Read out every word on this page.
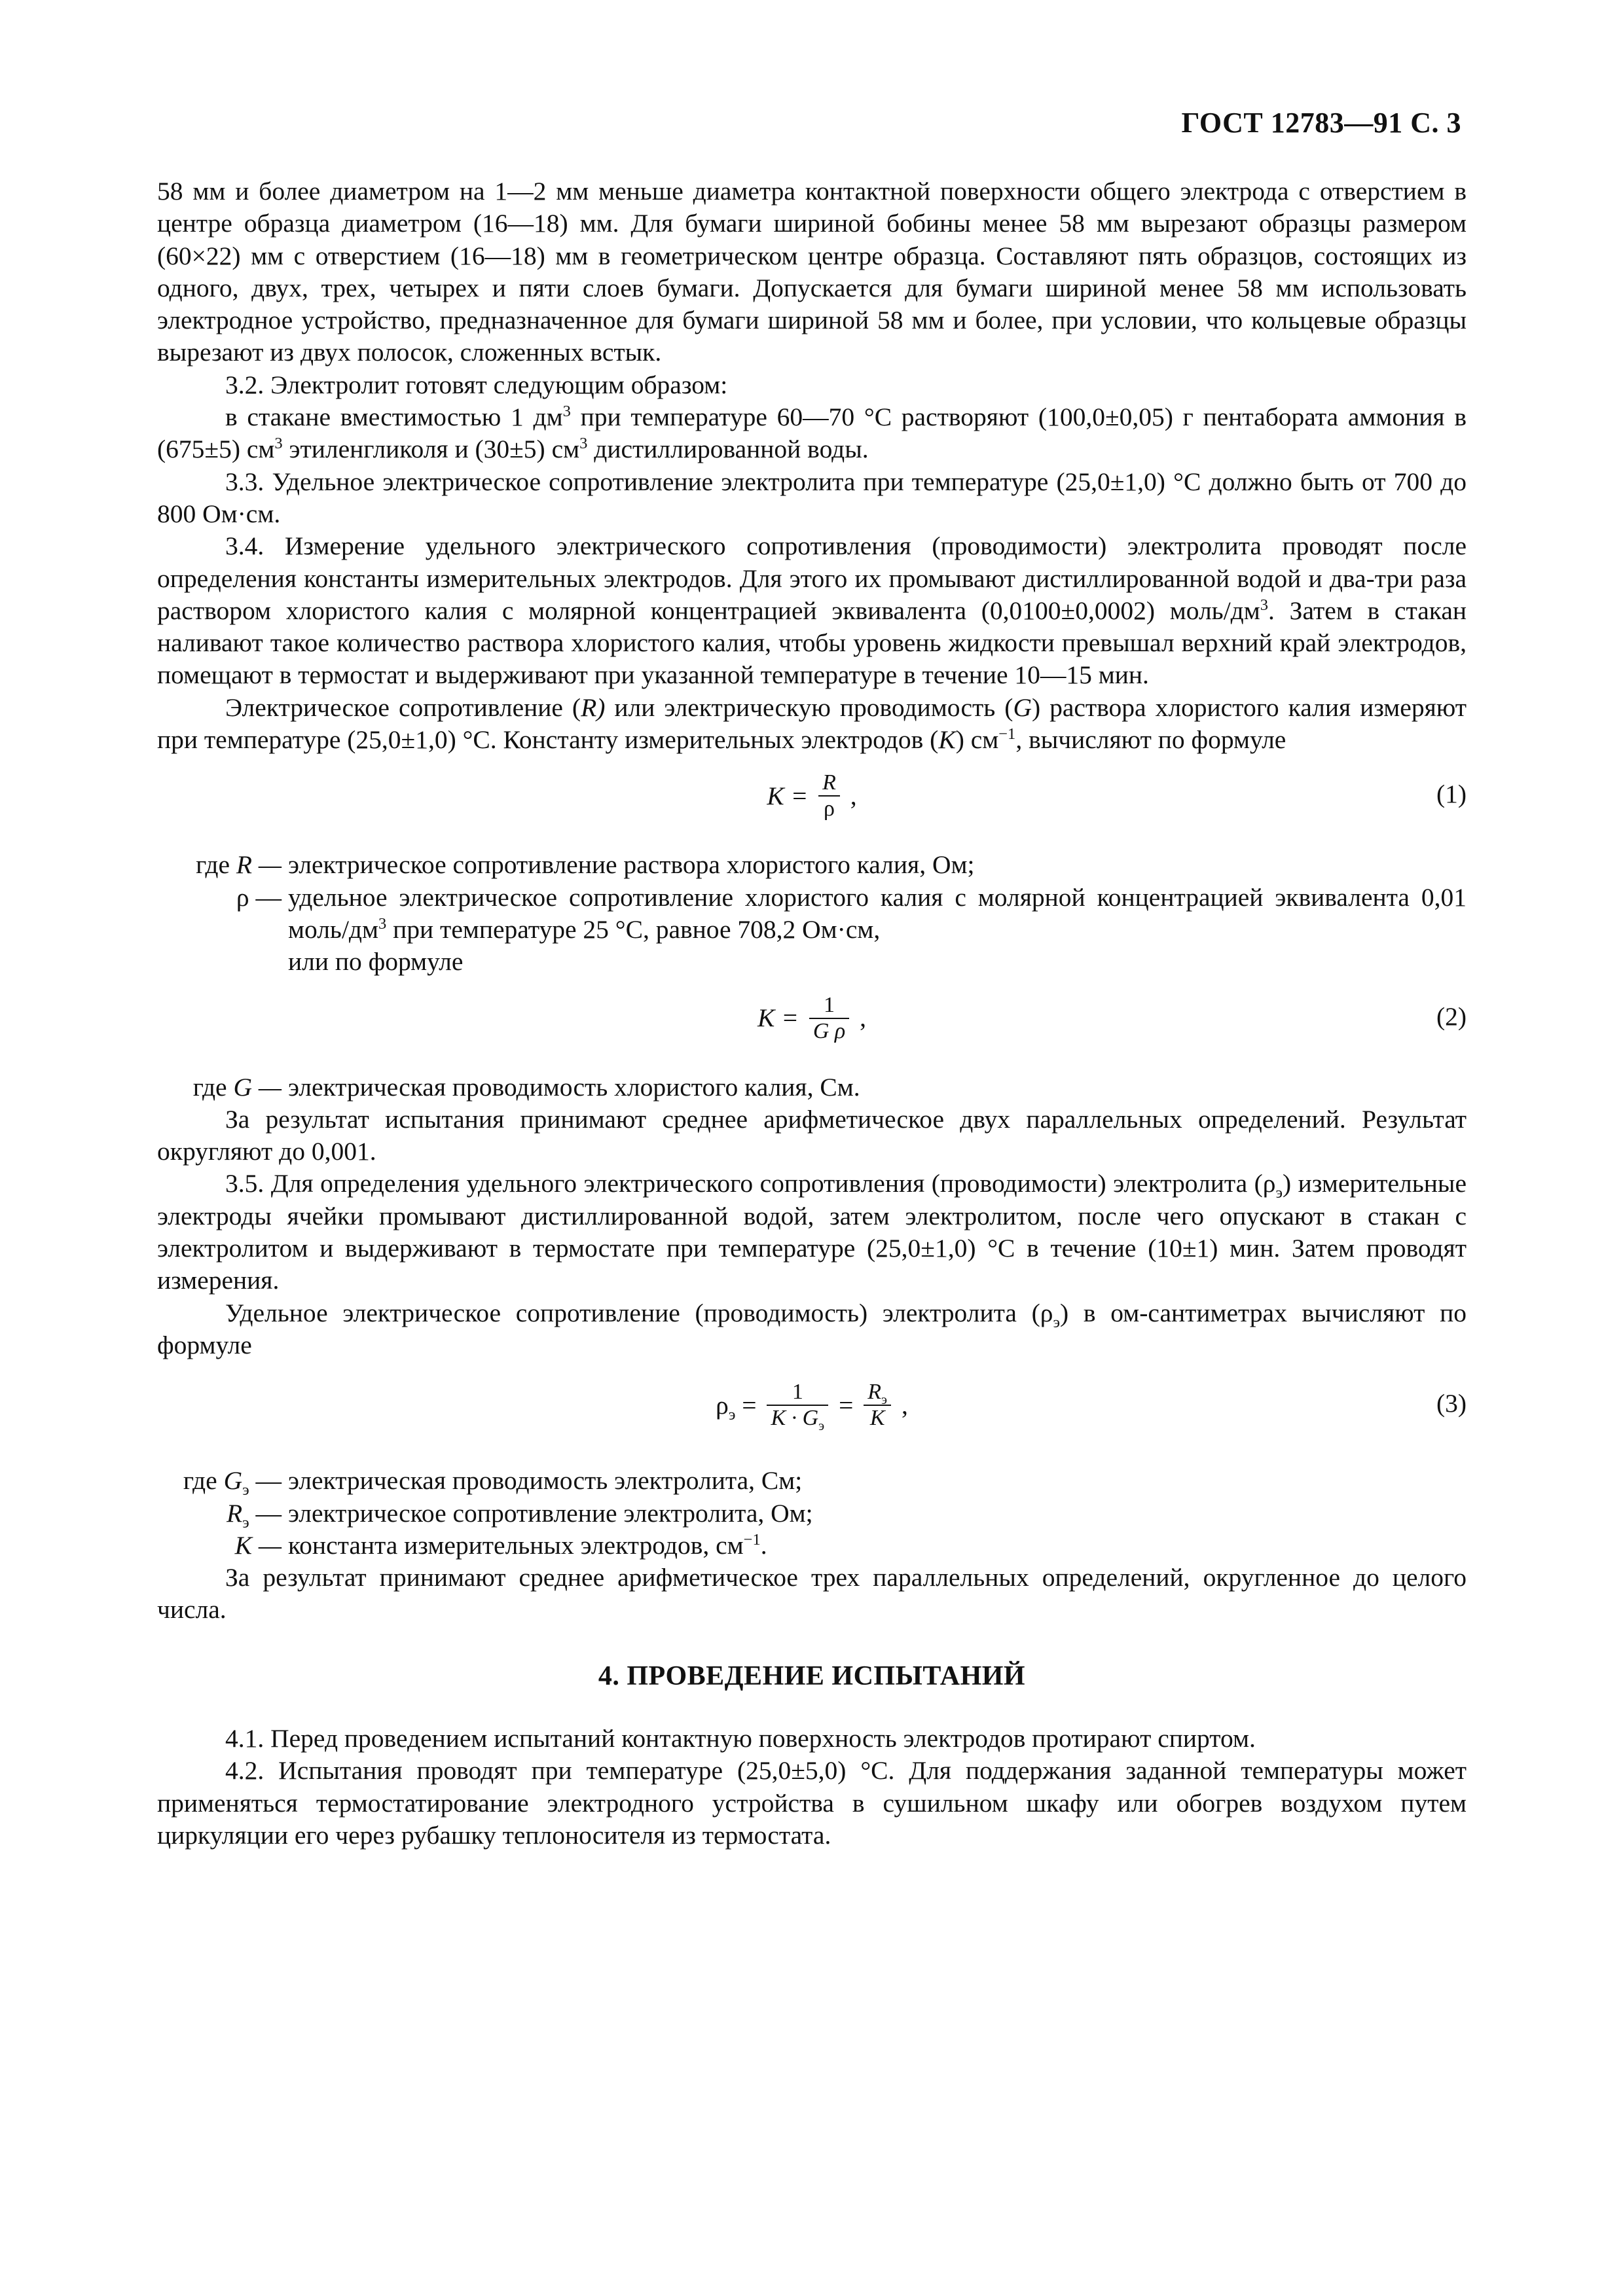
ГОСТ 12783—91 С. 3

58 мм и более диаметром на 1—2 мм меньше диаметра контактной поверхности общего электрода с отверстием в центре образца диаметром (16—18) мм. Для бумаги шириной бобины менее 58 мм вырезают образцы размером (60×22) мм с отверстием (16—18) мм в геометрическом центре образца. Составляют пять образцов, состоящих из одного, двух, трех, четырех и пяти слоев бумаги. Допускается для бумаги шириной менее 58 мм использовать электродное устройство, предназначенное для бумаги шириной 58 мм и более, при условии, что кольцевые образцы вырезают из двух полосок, сложенных встык.

3.2. Электролит готовят следующим образом:

в стакане вместимостью 1 $дм^3$ при температуре 60—70 °С растворяют (100,0±0,05) г пентабората аммония в (675±5) $см^3$ этиленгликоля и (30±5) $см^3$ дистиллированной воды.

3.3. Удельное электрическое сопротивление электролита при температуре (25,0±1,0) °С должно быть от 700 до 800 Ом·см.

3.4. Измерение удельного электрического сопротивления (проводимости) электролита проводят после определения константы измерительных электродов. Для этого их промывают дистиллированной водой и два-три раза раствором хлористого калия с молярной концентрацией эквивалента (0,0100±0,0002) моль/$дм^3$. Затем в стакан наливают такое количество раствора хлористого калия, чтобы уровень жидкости превышал верхний край электродов, помещают в термостат и выдерживают при указанной температуре в течение 10—15 мин.

Электрическое сопротивление (R) или электрическую проводимость (G) раствора хлористого калия измеряют при температуре (25,0±1,0) °С. Константу измерительных электродов (K) $см^{-1}$, вычисляют по формуле

$K = \frac{R}{\rho}$ ,	(1)
где R — электрическое сопротивление раствора хлористого калия, Ом;
ρ — удельное электрическое сопротивление хлористого калия с молярной концентрацией эквивалента 0,01 моль/$дм^3$ при температуре 25 °С, равное 708,2 Ом·см,
или по формуле
$K = \frac{1}{\text{G ρ}}$ ,	(2)
где G — электрическая проводимость хлористого калия, См.

За результат испытания принимают среднее арифметическое двух параллельных определений. Результат округляют до 0,001.

3.5. Для определения удельного электрического сопротивления (проводимости) электролита $(\rho_э)$ измерительные электроды ячейки промывают дистиллированной водой, затем электролитом, после чего опускают в стакан с электролитом и выдерживают в термостате при температуре (25,0±1,0) °С в течение (10±1) мин. Затем проводят измерения.

Удельное электрическое сопротивление (проводимость) электролита $(\rho_э)$ в ом-сантиметрах вычисляют по формуле

$\rho_э = \frac{1}{K \cdot G_э} = \frac{R_э}{K}$ ,	(3)
где $G_э$ — электрическая проводимость электролита, См;
$R_э$ — электрическое сопротивление электролита, Ом;
K — константа измерительных электродов, $см^{-1}$.

За результат принимают среднее арифметическое трех параллельных определений, округленное до целого числа.

4. ПРОВЕДЕНИЕ ИСПЫТАНИЙ

4.1. Перед проведением испытаний контактную поверхность электродов протирают спиртом.

4.2. Испытания проводят при температуре (25,0±5,0) °С. Для поддержания заданной температуры может применяться термостатирование электродного устройства в сушильном шкафу или обогрев воздухом путем циркуляции его через рубашку теплоносителя из термостата.
